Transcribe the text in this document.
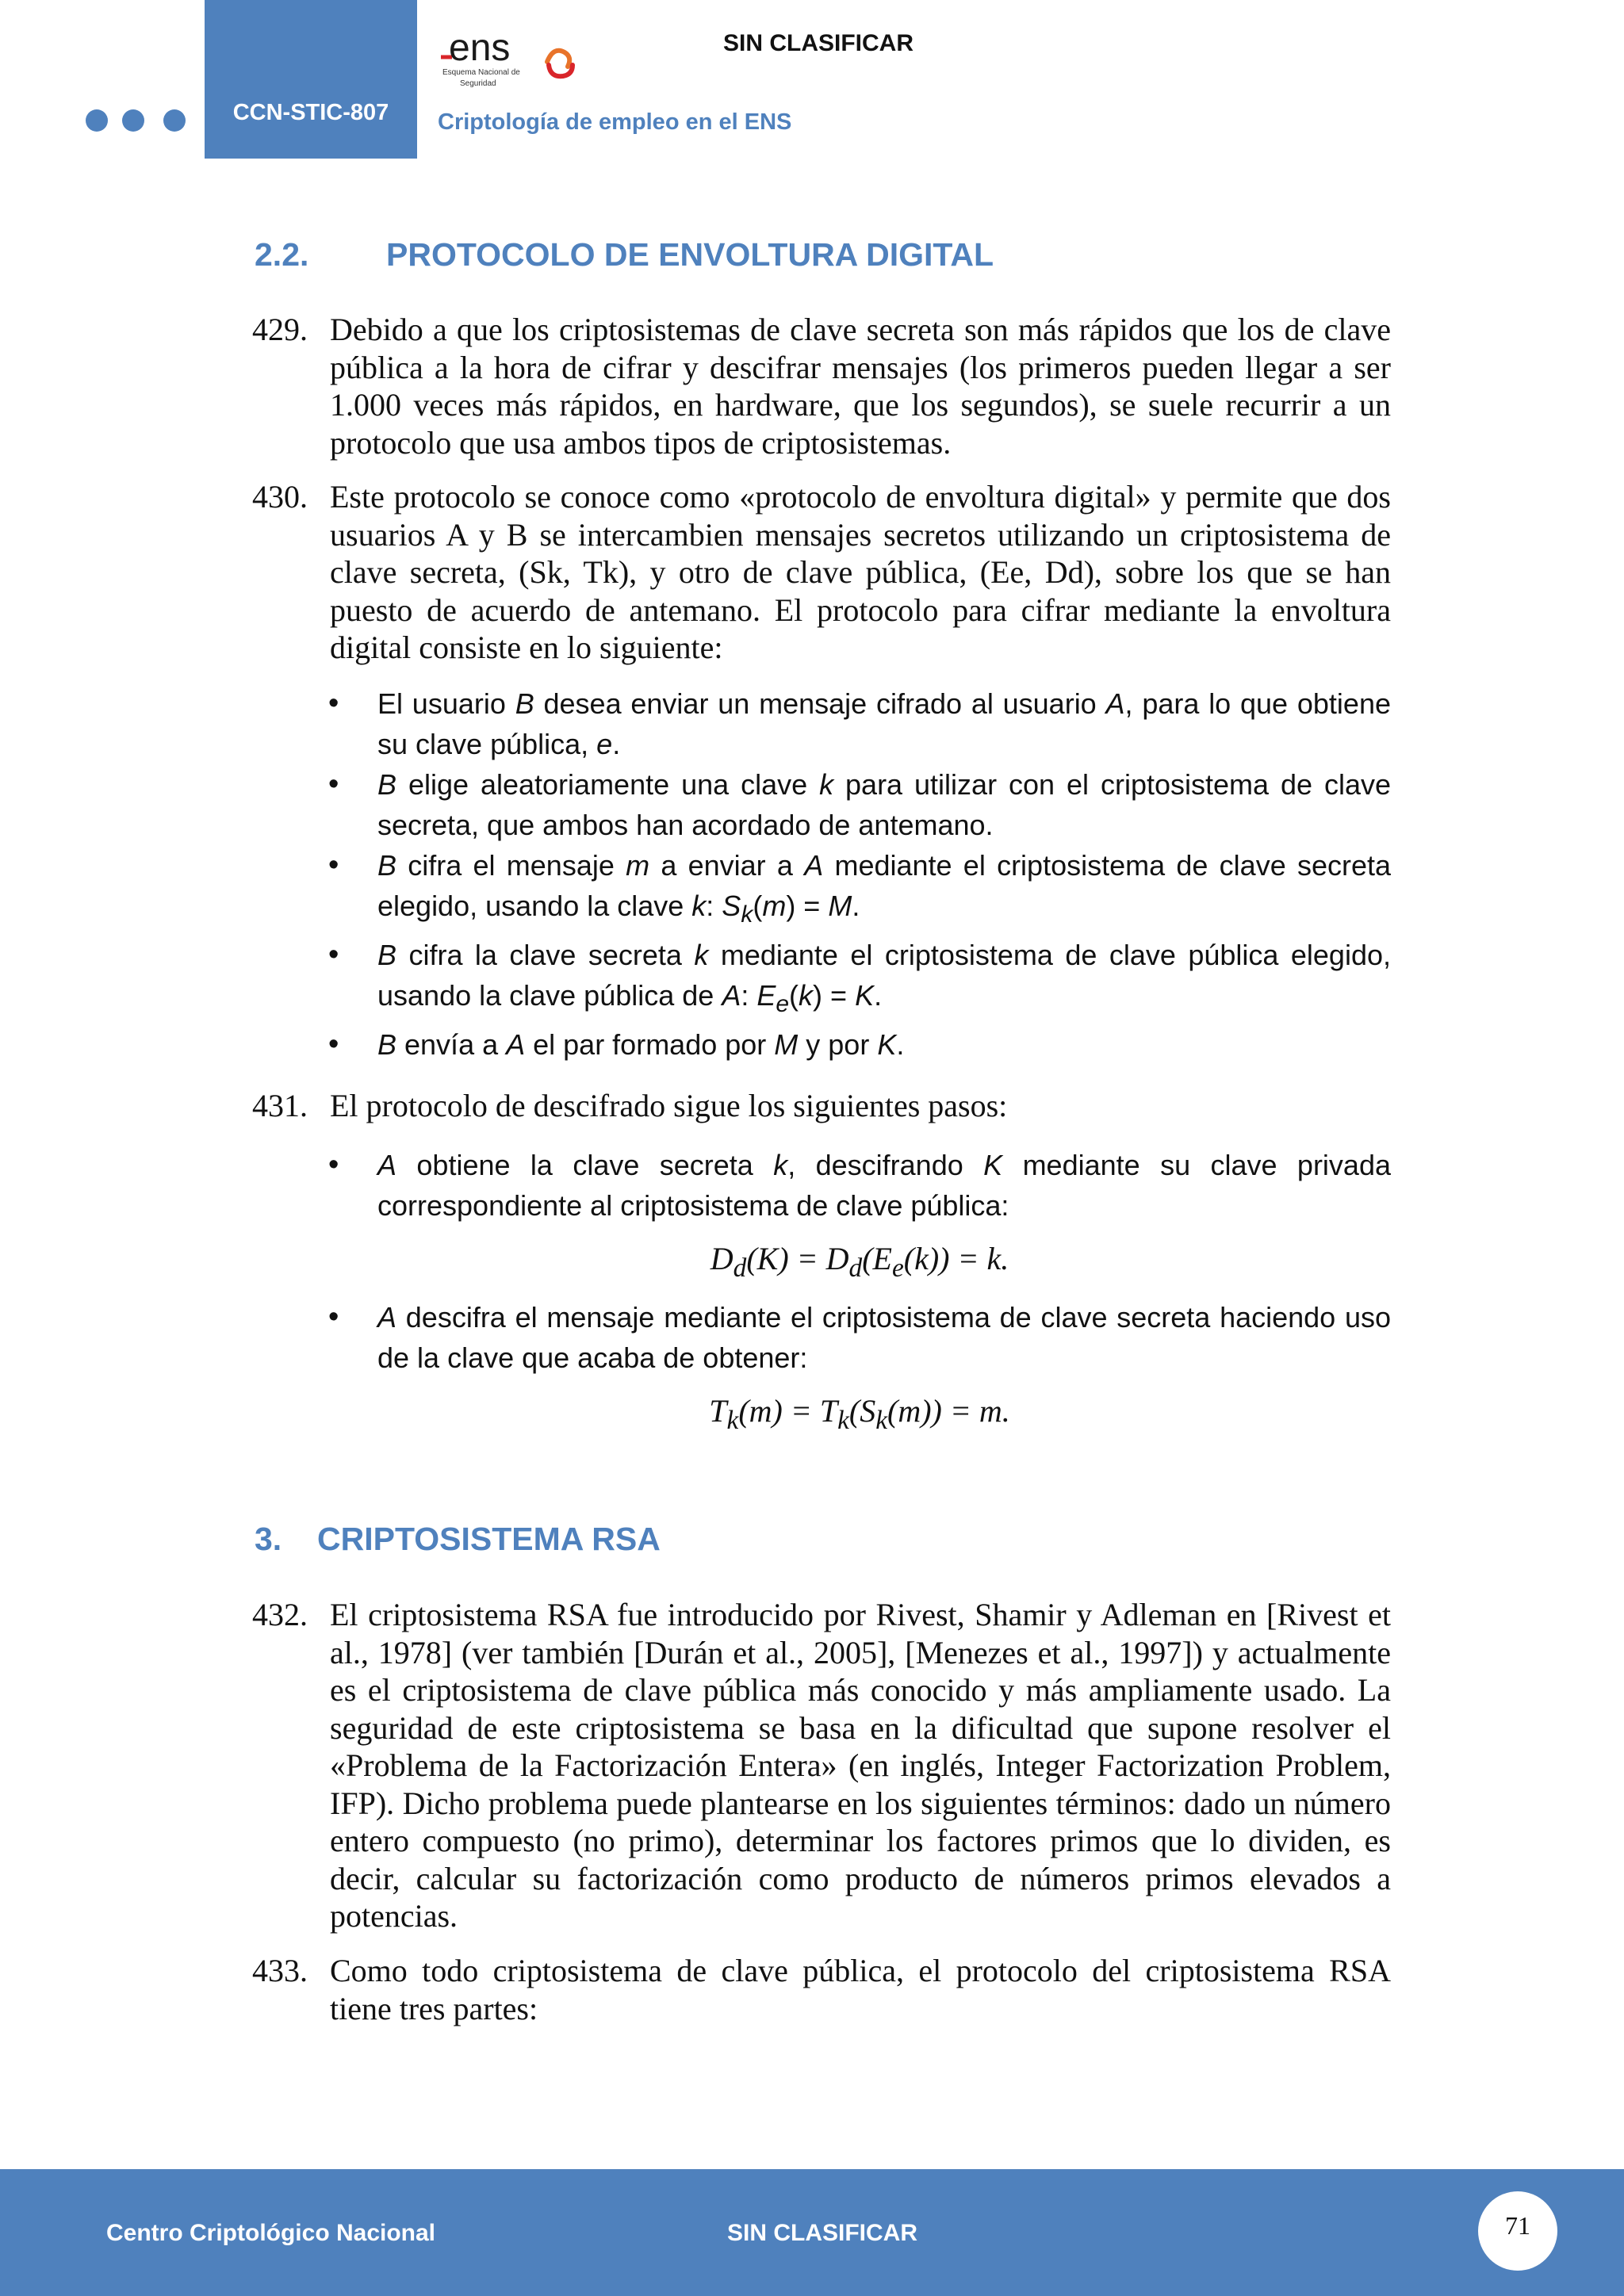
CCN-STIC-807
ens
Esquema Nacional de
Seguridad
SIN CLASIFICAR
Criptología de empleo en el ENS
2.2. PROTOCOLO DE ENVOLTURA DIGITAL
429. Debido a que los criptosistemas de clave secreta son más rápidos que los de clave pública a la hora de cifrar y descifrar mensajes (los primeros pueden llegar a ser 1.000 veces más rápidos, en hardware, que los segundos), se suele recurrir a un protocolo que usa ambos tipos de criptosistemas.
430. Este protocolo se conoce como «protocolo de envoltura digital» y permite que dos usuarios A y B se intercambien mensajes secretos utilizando un criptosistema de clave secreta, (Sk, Tk), y otro de clave pública, (Ee, Dd), sobre los que se han puesto de acuerdo de antemano. El protocolo para cifrar mediante la envoltura digital consiste en lo siguiente:
• El usuario B desea enviar un mensaje cifrado al usuario A, para lo que obtiene su clave pública, e.
• B elige aleatoriamente una clave k para utilizar con el criptosistema de clave secreta, que ambos han acordado de antemano.
• B cifra el mensaje m a enviar a A mediante el criptosistema de clave secreta elegido, usando la clave k: $S_k(m) = M$.
• B cifra la clave secreta k mediante el criptosistema de clave pública elegido, usando la clave pública de A: $E_e(k) = K$.
• B envía a A el par formado por M y por K.
431. El protocolo de descifrado sigue los siguientes pasos:
• A obtiene la clave secreta k, descifrando K mediante su clave privada correspondiente al criptosistema de clave pública:
$D_d(K) = D_d(E_e(k)) = k$.
• A descifra el mensaje mediante el criptosistema de clave secreta haciendo uso de la clave que acaba de obtener:
$T_k(m) = T_k(S_k(m)) = m$.
3. CRIPTOSISTEMA RSA
432. El criptosistema RSA fue introducido por Rivest, Shamir y Adleman en [Rivest et al., 1978] (ver también [Durán et al., 2005], [Menezes et al., 1997]) y actualmente es el criptosistema de clave pública más conocido y más ampliamente usado. La seguridad de este criptosistema se basa en la dificultad que supone resolver el «Problema de la Factorización Entera» (en inglés, Integer Factorization Problem, IFP). Dicho problema puede plantearse en los siguientes términos: dado un número entero compuesto (no primo), determinar los factores primos que lo dividen, es decir, calcular su factorización como producto de números primos elevados a potencias.
433. Como todo criptosistema de clave pública, el protocolo del criptosistema RSA tiene tres partes:
Centro Criptológico Nacional	SIN CLASIFICAR	71
